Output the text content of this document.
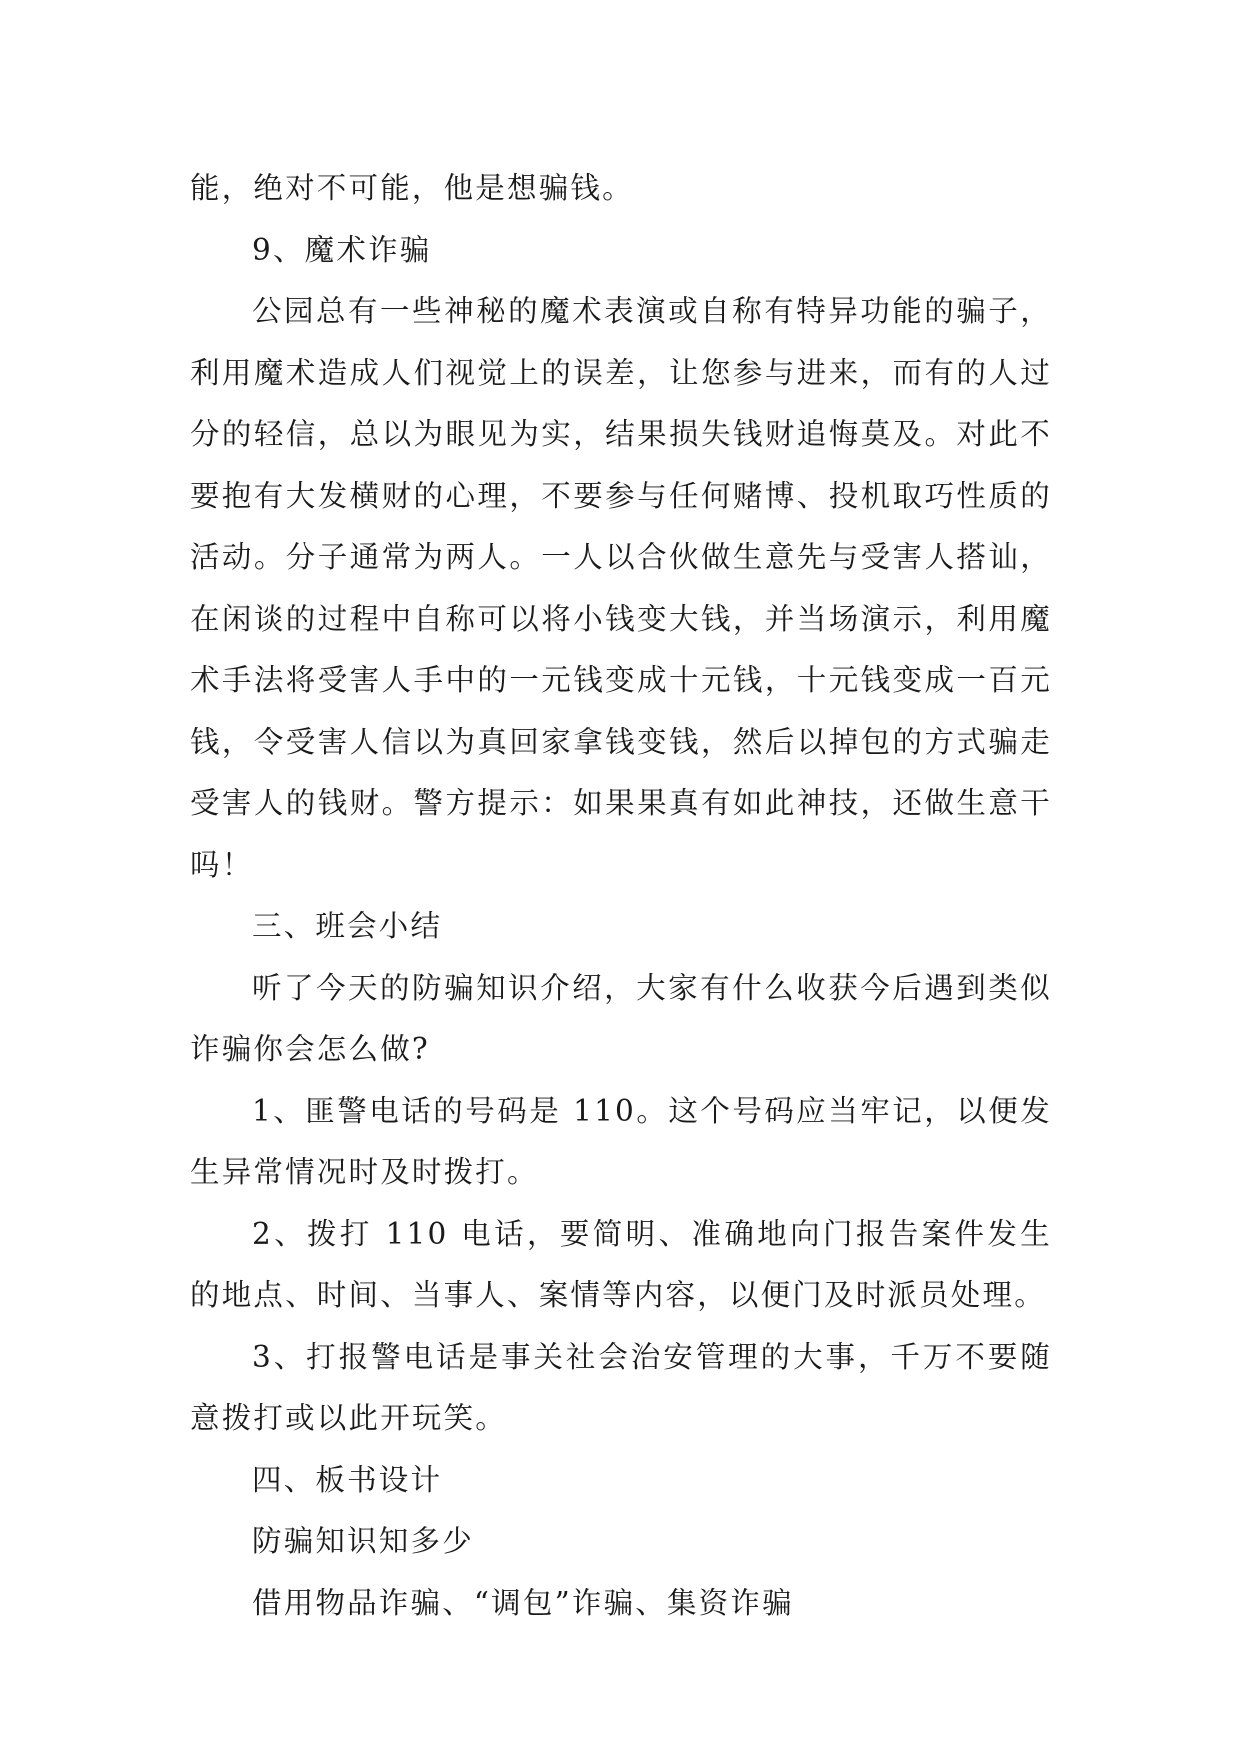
能，绝对不可能，他是想骗钱。

9、魔术诈骗

公园总有一些神秘的魔术表演或自称有特异功能的骗子，利用魔术造成人们视觉上的误差，让您参与进来，而有的人过分的轻信，总以为眼见为实，结果损失钱财追悔莫及。对此不要抱有大发横财的心理，不要参与任何赌博、投机取巧性质的活动。分子通常为两人。一人以合伙做生意先与受害人搭讪，在闲谈的过程中自称可以将小钱变大钱，并当场演示，利用魔术手法将受害人手中的一元钱变成十元钱，十元钱变成一百元钱，令受害人信以为真回家拿钱变钱，然后以掉包的方式骗走受害人的钱财。警方提示：如果果真有如此神技，还做生意干吗！

三、班会小结

听了今天的防骗知识介绍，大家有什么收获今后遇到类似诈骗你会怎么做?

1、匪警电话的号码是 110。这个号码应当牢记，以便发生异常情况时及时拨打。

2、拨打 110 电话，要简明、准确地向门报告案件发生的地点、时间、当事人、案情等内容，以便门及时派员处理。

3、打报警电话是事关社会治安管理的大事，千万不要随意拨打或以此开玩笑。

四、板书设计

防骗知识知多少

借用物品诈骗、“调包”诈骗、集资诈骗
